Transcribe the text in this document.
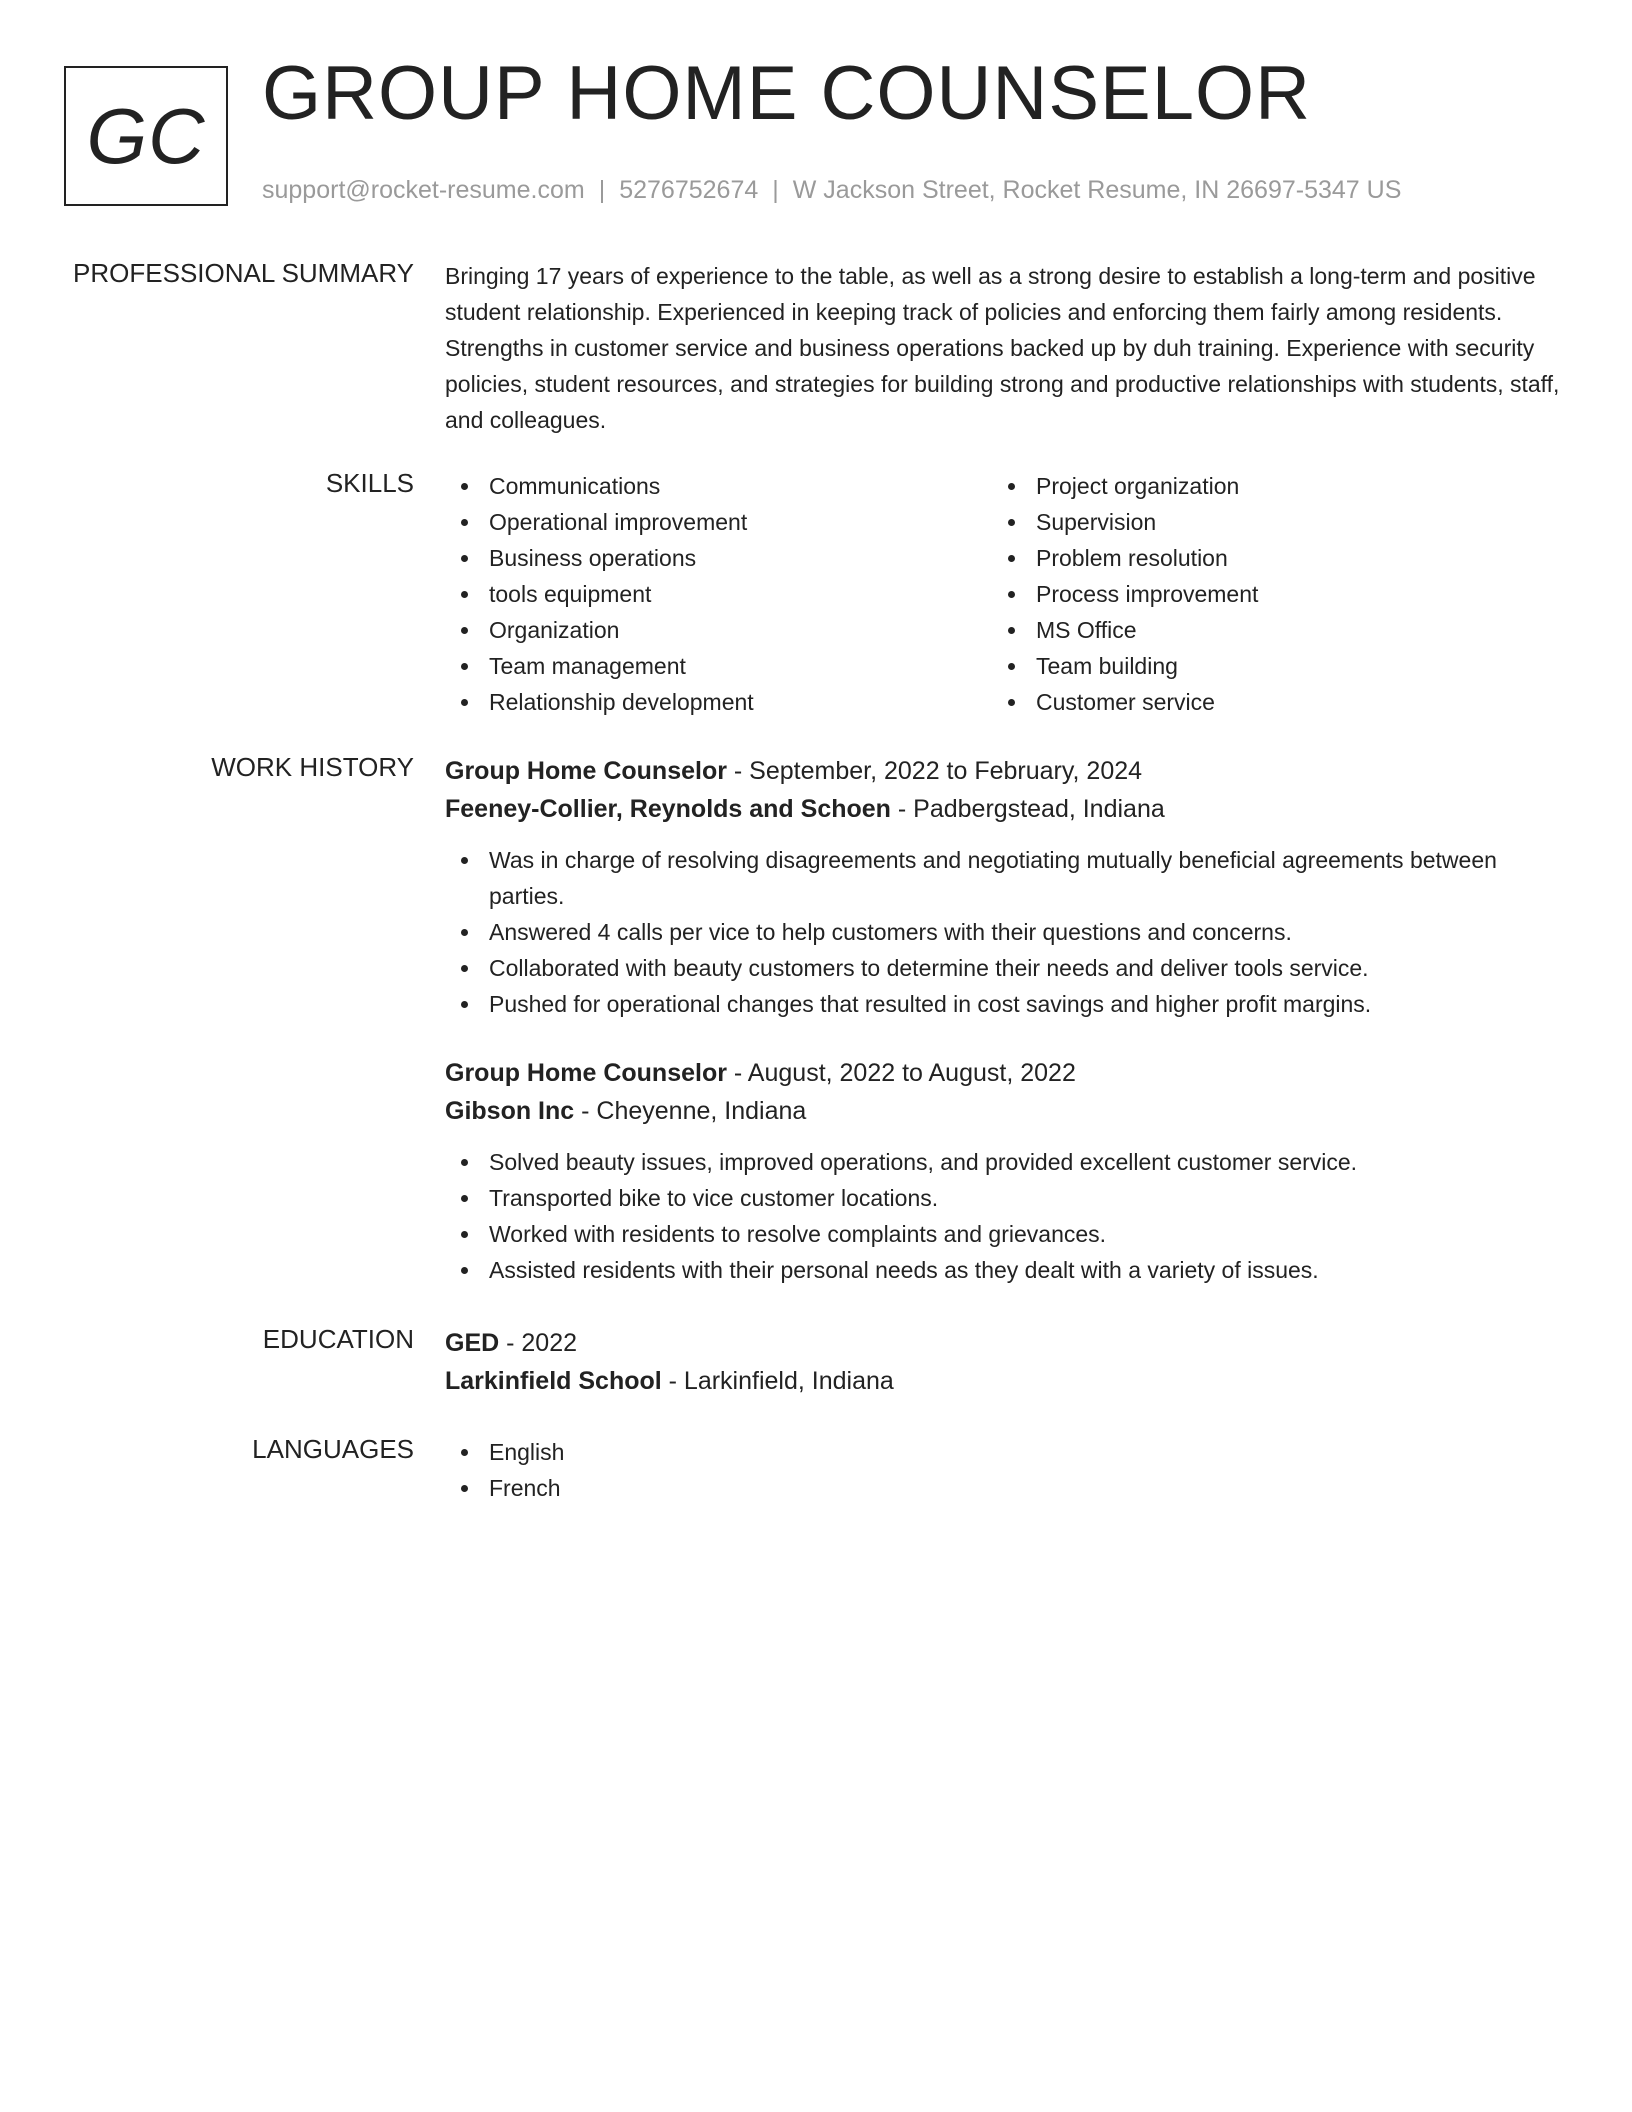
GC GROUP HOME COUNSELOR
support@rocket-resume.com | 5276752674 | W Jackson Street, Rocket Resume, IN 26697-5347 US
PROFESSIONAL SUMMARY Bringing 17 years of experience to the table, as well as a strong desire to establish a long-term and positive student relationship. Experienced in keeping track of policies and enforcing them fairly among residents. Strengths in customer service and business operations backed up by duh training. Experience with security policies, student resources, and strategies for building strong and productive relationships with students, staff, and colleagues.

SKILLS	Communications
Operational improvement
Business operations
tools equipment
Organization
Team management
Relationship development
Project organization
Supervision
Problem resolution
Process improvement
MS Office
Team building
Customer service
WORK HISTORY Group Home Counselor - September, 2022 to February, 2024
Feeney-Collier, Reynolds and Schoen - Padbergstead, Indiana
Was in charge of resolving disagreements and negotiating mutually beneficial agreements between parties.
Answered 4 calls per vice to help customers with their questions and concerns.
Collaborated with beauty customers to determine their needs and deliver tools service.
Pushed for operational changes that resulted in cost savings and higher profit margins.
Group Home Counselor - August, 2022 to August, 2022
Gibson Inc - Cheyenne, Indiana
Solved beauty issues, improved operations, and provided excellent customer service.
Transported bike to vice customer locations.
Worked with residents to resolve complaints and grievances.
Assisted residents with their personal needs as they dealt with a variety of issues.
EDUCATION GED - 2022
Larkinfield School - Larkinfield, Indiana
LANGUAGES	English
French
